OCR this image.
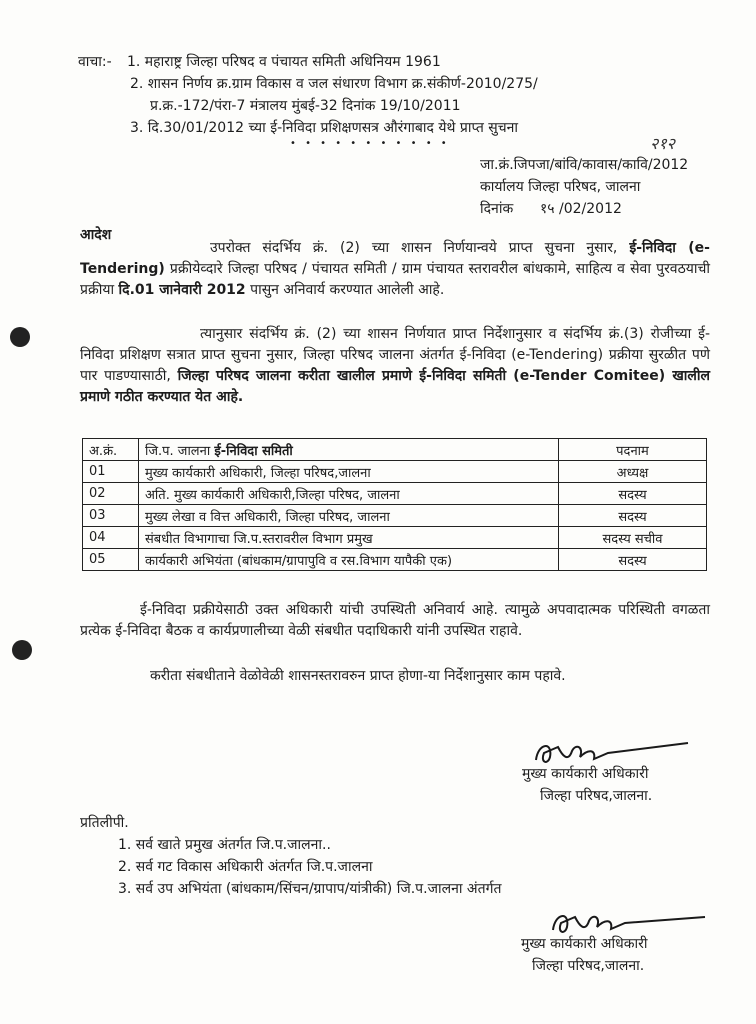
वाचा:- 1. महाराष्ट्र जिल्हा परिषद व पंचायत समिती अधिनियम 1961
2. शासन निर्णय क्र.ग्राम विकास व जल संधारण विभाग क्र.संकीर्ण-2010/275/
प्र.क्र.-172/पंरा-7 मंत्रालय मुंबई-32 दिनांक 19/10/2011
3. दि.30/01/2012 च्या ई-निविदा प्रशिक्षणसत्र औरंगाबाद येथे प्राप्त सुचना
• • • • • • • • • • •	२१२
जा.क्रं.जिपजा/बांवि/कावास/कावि/2012
कार्यालय जिल्हा परिषद, जालना
दिनांक १५ /02/2012
आदेश
उपरोक्त संदर्भिय क्रं. (2) च्या शासन निर्णयान्वये प्राप्त सुचना नुसार, ई-निविदा (e-Tendering) प्रक्रीयेव्दारे जिल्हा परिषद / पंचायत समिती / ग्राम पंचायत स्तरावरील बांधकामे, साहित्य व सेवा पुरवठयाची प्रक्रीया दि.01 जानेवारी 2012 पासुन अनिवार्य करण्यात आलेली आहे.
त्यानुसार संदर्भिय क्रं. (2) च्या शासन निर्णयात प्राप्त निर्देशानुसार व संदर्भिय क्रं.(3) रोजीच्या ई-निविदा प्रशिक्षण सत्रात प्राप्त सुचना नुसार, जिल्हा परिषद जालना अंतर्गत ई-निविदा (e-Tendering) प्रक्रीया सुरळीत पणे पार पाडण्यासाठी, जिल्हा परिषद जालना करीता खालील प्रमाणे ई-निविदा समिती (e-Tender Comitee) खालील प्रमाणे गठीत करण्यात येत आहे.
अ.क्रं.	जि.प. जालना ई-निविदा समिती	पदनाम
01	मुख्य कार्यकारी अधिकारी, जिल्हा परिषद,जालना	अध्यक्ष
02	अति. मुख्य कार्यकारी अधिकारी,जिल्हा परिषद, जालना	सदस्य
03	मुख्य लेखा व वित्त अधिकारी, जिल्हा परिषद, जालना	सदस्य
04	संबधीत विभागाचा जि.प.स्तरावरील विभाग प्रमुख	सदस्य सचीव
05	कार्यकारी अभियंता (बांधकाम/ग्रापापुवि व रस.विभाग यापैकी एक)	सदस्य
ई-निविदा प्रक्रीयेसाठी उक्त अधिकारी यांची उपस्थिती अनिवार्य आहे. त्यामुळे अपवादात्मक परिस्थिती वगळता प्रत्येक ई-निविदा बैठक व कार्यप्रणालीच्या वेळी संबधीत पदाधिकारी यांनी उपस्थित राहावे.
करीता संबधीताने वेळोवेळी शासनस्तरावरुन प्राप्त होणा-या निर्देशानुसार काम पहावे.
मुख्य कार्यकारी अधिकारी
जिल्हा परिषद,जालना.
प्रतिलीपी.
1. सर्व खाते प्रमुख अंतर्गत जि.प.जालना..
2. सर्व गट विकास अधिकारी अंतर्गत जि.प.जालना
3. सर्व उप अभियंता (बांधकाम/सिंचन/ग्रापाप/यांत्रीकी) जि.प.जालना अंतर्गत
मुख्य कार्यकारी अधिकारी
जिल्हा परिषद,जालना.
